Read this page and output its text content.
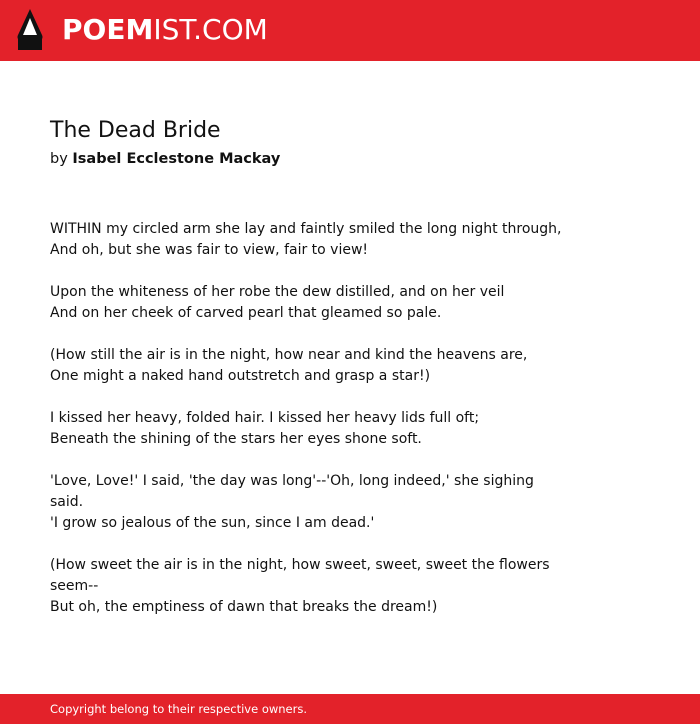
POEMIST.COM
The Dead Bride
by Isabel Ecclestone Mackay
WITHIN my circled arm she lay and faintly smiled the long night through,
And oh, but she was fair to view, fair to view!
Upon the whiteness of her robe the dew distilled, and on her veil
And on her cheek of carved pearl that gleamed so pale.
(How still the air is in the night, how near and kind the heavens are,
One might a naked hand outstretch and grasp a star!)
I kissed her heavy, folded hair. I kissed her heavy lids full oft;
Beneath the shining of the stars her eyes shone soft.
'Love, Love!' I said, 'the day was long'--'Oh, long indeed,' she sighing
said.
'I grow so jealous of the sun, since I am dead.'
(How sweet the air is in the night, how sweet, sweet, sweet the flowers
seem--
But oh, the emptiness of dawn that breaks the dream!)
Copyright belong to their respective owners.
